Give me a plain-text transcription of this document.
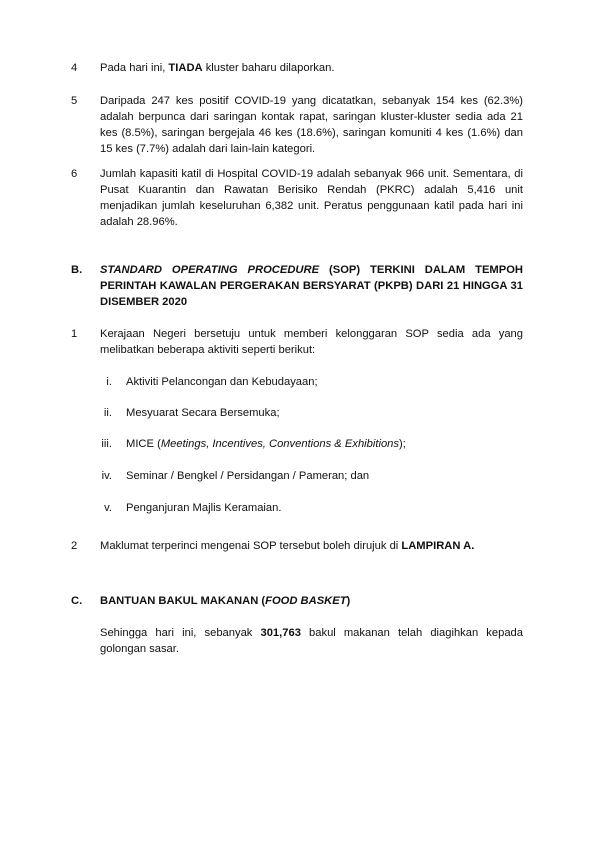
4 Pada hari ini, TIADA kluster baharu dilaporkan.
5 Daripada 247 kes positif COVID-19 yang dicatatkan, sebanyak 154 kes (62.3%) adalah berpunca dari saringan kontak rapat, saringan kluster-kluster sedia ada 21 kes (8.5%), saringan bergejala 46 kes (18.6%), saringan komuniti 4 kes (1.6%) dan 15 kes (7.7%) adalah dari lain-lain kategori.
6 Jumlah kapasiti katil di Hospital COVID-19 adalah sebanyak 966 unit. Sementara, di Pusat Kuarantin dan Rawatan Berisiko Rendah (PKRC) adalah 5,416 unit menjadikan jumlah keseluruhan 6,382 unit. Peratus penggunaan katil pada hari ini adalah 28.96%.
B. STANDARD OPERATING PROCEDURE (SOP) TERKINI DALAM TEMPOH PERINTAH KAWALAN PERGERAKAN BERSYARAT (PKPB) DARI 21 HINGGA 31 DISEMBER 2020
1 Kerajaan Negeri bersetuju untuk memberi kelonggaran SOP sedia ada yang melibatkan beberapa aktiviti seperti berikut:
i. Aktiviti Pelancongan dan Kebudayaan;
ii. Mesyuarat Secara Bersemuka;
iii. MICE (Meetings, Incentives, Conventions & Exhibitions);
iv. Seminar / Bengkel / Persidangan / Pameran; dan
v. Penganjuran Majlis Keramaian.
2 Maklumat terperinci mengenai SOP tersebut boleh dirujuk di LAMPIRAN A.
C. BANTUAN BAKUL MAKANAN (FOOD BASKET)
Sehingga hari ini, sebanyak 301,763 bakul makanan telah diagihkan kepada golongan sasar.
